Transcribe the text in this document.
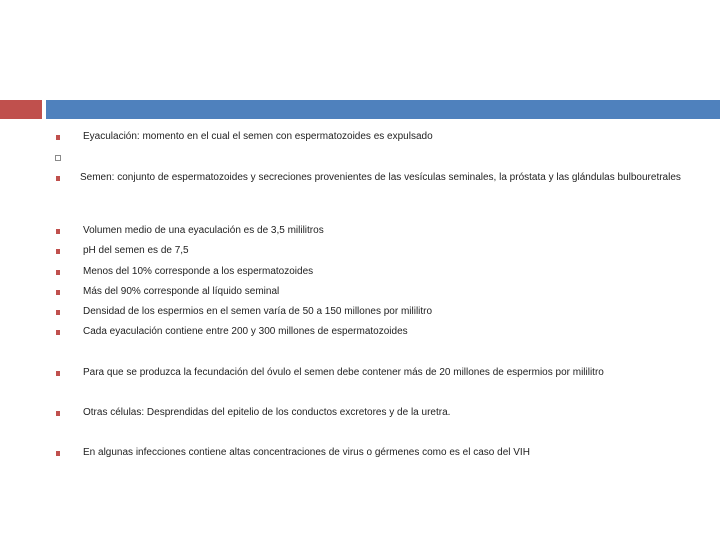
Eyaculación: momento en el cual el semen con espermatozoides es expulsado
Semen: conjunto de espermatozoides y secreciones provenientes de las vesículas seminales, la próstata y las glándulas bulbouretrales
Volumen medio de una eyaculación es de 3,5 mililitros
pH del semen es de 7,5
Menos del 10% corresponde a los espermatozoides
Más del 90% corresponde al líquido seminal
Densidad de los espermios en el semen varía de 50 a 150 millones por mililitro
Cada eyaculación contiene entre 200 y 300 millones de espermatozoides
Para que se produzca la fecundación del óvulo el semen debe contener más de 20 millones de espermios por mililitro
Otras células: Desprendidas del epitelio de los conductos excretores y de la uretra.
En algunas infecciones contiene altas concentraciones de virus o gérmenes como es el caso del VIH
